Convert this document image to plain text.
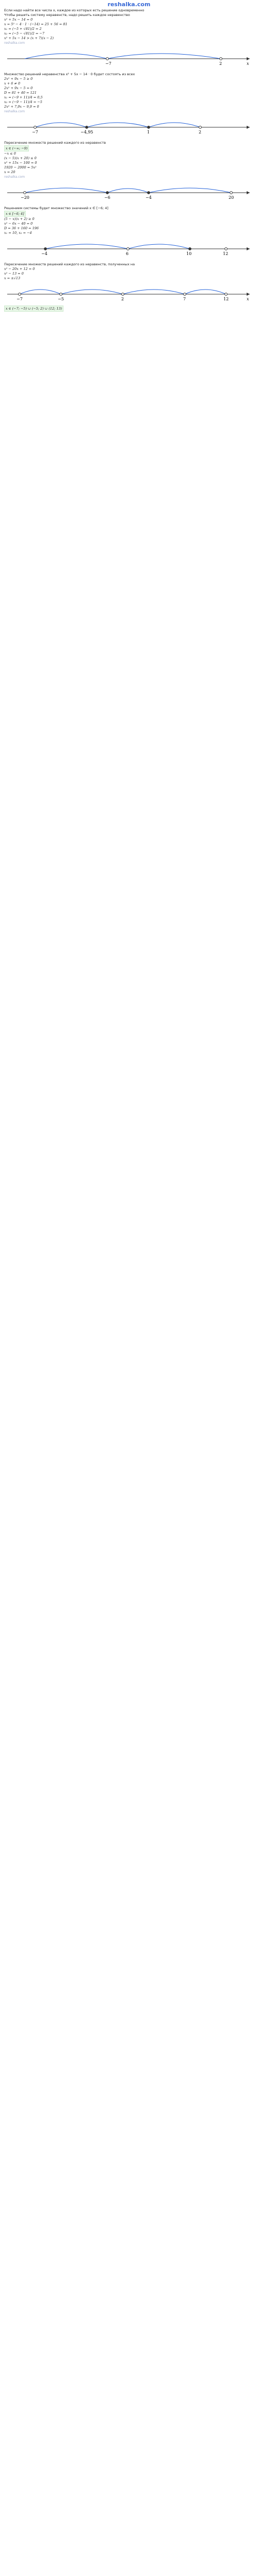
reshalka.com

Если надо найти все числа x, каждое из которых есть решение одновременно

Чтобы решить систему неравенств, надо решить каждое неравенство

x² + 5x − 14 = 0
x = 5² − 4 · 1 · (−14) = 25 + 56 = 81
x₁ = (−5 + √81)/2 = 2
x₂ = (−5 − √81)/2 = −7
x² + 5x − 14 > (x + 7)(x − 2)
reshalka.com
−7	2	x

Множество решений неравенства x² + 5x − 14 · 0 будет состоять из всех

2x² + 9x − 5 ≥ 0
x + 6 ≠ 0
2x² + 9x − 5 = 0
D = 81 + 40 = 121
x₁ = (−9 + 11)/4 = 0,5
x₂ = (−9 − 11)/4 = −5
2x² + 7,9x − 9,9 = 0
reshalka.com
−7	−4,95	1	2

Пересечение множеств решений каждого из неравенств

x ∈ (−∞; −9)
−x ≤ 0
(x − 5)(x + 20) ≤ 0
x² + 15x − 100 = 0
1920 − 2000 = 5x²
x = 20
reshalka.com
−20	−6	−4	20

Решением системы будет множество значений x ∈ [−6; 4]

x ∈ [−6; 4]
(5 − x)(x + 2) ≥ 0
x² − 6x − 40 = 0
D = 36 + 160 = 196
x₁ = 10, x₂ = −4
−4	6	10	12

Пересечение множеств решений каждого из неравенств, полученных на

x² − 20x + 12 = 0
x² − 13 = 0
x = ±√13
−7	−5	2	7	12	x
x ∈ (−7; −5) ∪ (−5; 2) ∪ (12; 13)
